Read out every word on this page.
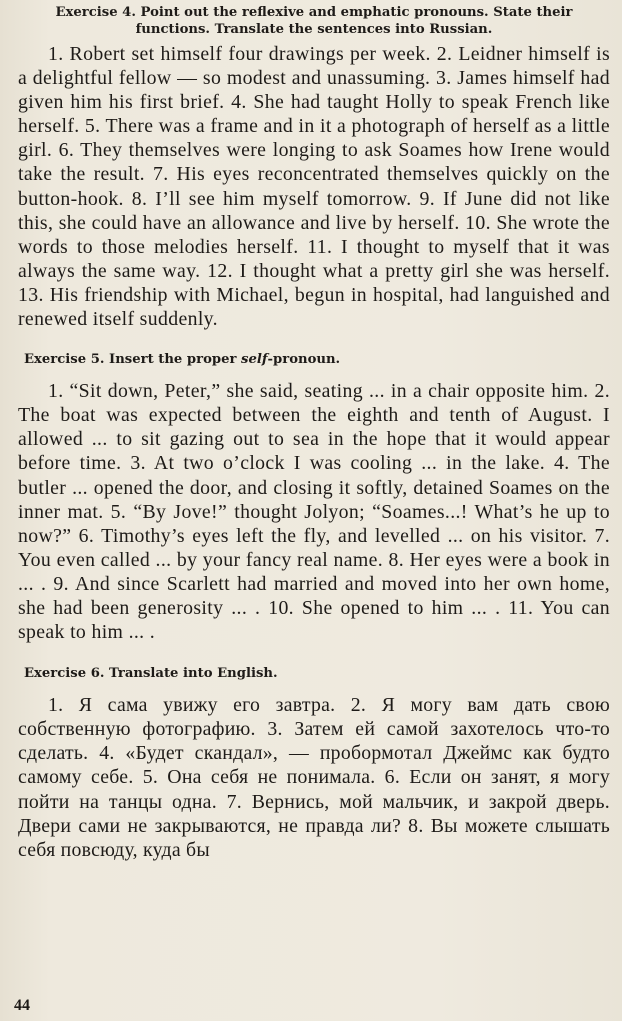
Exercise 4. Point out the reflexive and emphatic pronouns. State their functions. Translate the sentences into Russian.

1. Robert set himself four drawings per week. 2. Leidner himself is a delightful fellow — so modest and unassuming. 3. James himself had given him his first brief. 4. She had taught Holly to speak French like herself. 5. There was a frame and in it a photograph of herself as a little girl. 6. They themselves were longing to ask Soames how Irene would take the result. 7. His eyes reconcentrated themselves quickly on the button-hook. 8. I’ll see him myself tomorrow. 9. If June did not like this, she could have an allowance and live by herself. 10. She wrote the words to those melodies herself. 11. I thought to myself that it was always the same way. 12. I thought what a pretty girl she was herself. 13. His friendship with Michael, begun in hospital, had languished and renewed itself suddenly.

Exercise 5. Insert the proper self-pronoun.

1. “Sit down, Peter,” she said, seating ... in a chair opposite him. 2. The boat was expected between the eighth and tenth of August. I allowed ... to sit gazing out to sea in the hope that it would appear before time. 3. At two o’clock I was cooling ... in the lake. 4. The butler ... opened the door, and closing it softly, detained Soames on the inner mat. 5. “By Jove!” thought Jolyon; “Soames...! What’s he up to now?” 6. Timothy’s eyes left the fly, and levelled ... on his visitor. 7. You even called ... by your fancy real name. 8. Her eyes were a book in ... . 9. And since Scarlett had married and moved into her own home, she had been generosity ... . 10. She opened to him ... . 11. You can speak to him ... .

Exercise 6. Translate into English.

1. Я сама увижу его завтра. 2. Я могу вам дать свою собственную фотографию. 3. Затем ей самой захотелось что-то сделать. 4. «Будет скандал», — пробормотал Джеймс как будто самому себе. 5. Она себя не понимала. 6. Если он занят, я могу пойти на танцы одна. 7. Вернись, мой мальчик, и закрой дверь. Двери сами не закрываются, не правда ли? 8. Вы можете слышать себя повсюду, куда бы

44
